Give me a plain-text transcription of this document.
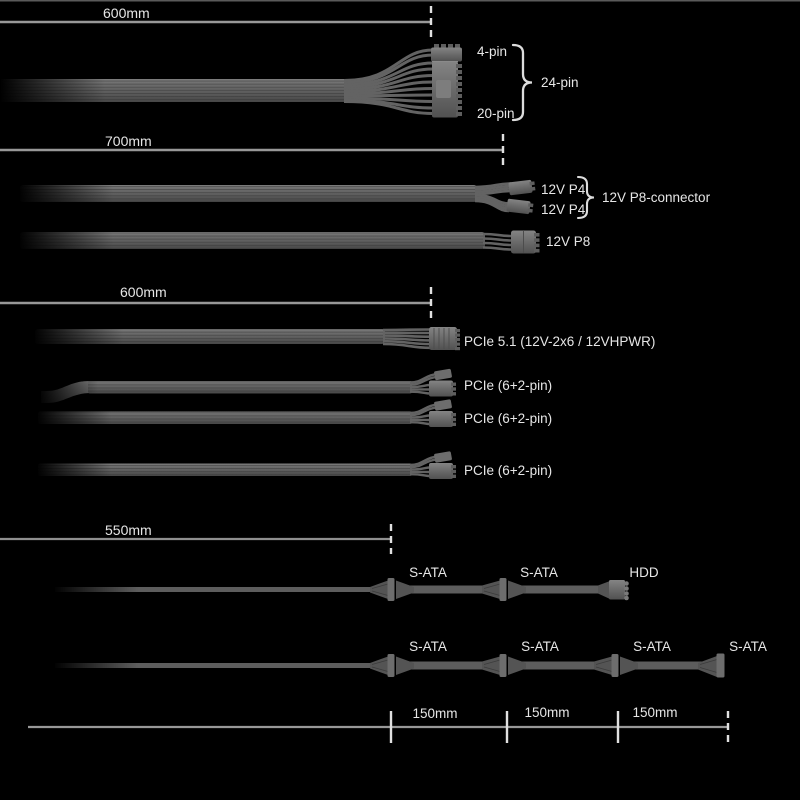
600mm
4-pin
20-pin
24-pin
700mm
12V P4
12V P4
12V P8-connector
12V P8
600mm
PCIe 5.1 (12V-2x6 / 12VHPWR)
PCIe (6+2-pin)
PCIe (6+2-pin)
PCIe (6+2-pin)
550mm
S-ATA	S-ATA	HDD
S-ATA	S-ATA	S-ATA	S-ATA
150mm	150mm	150mm
